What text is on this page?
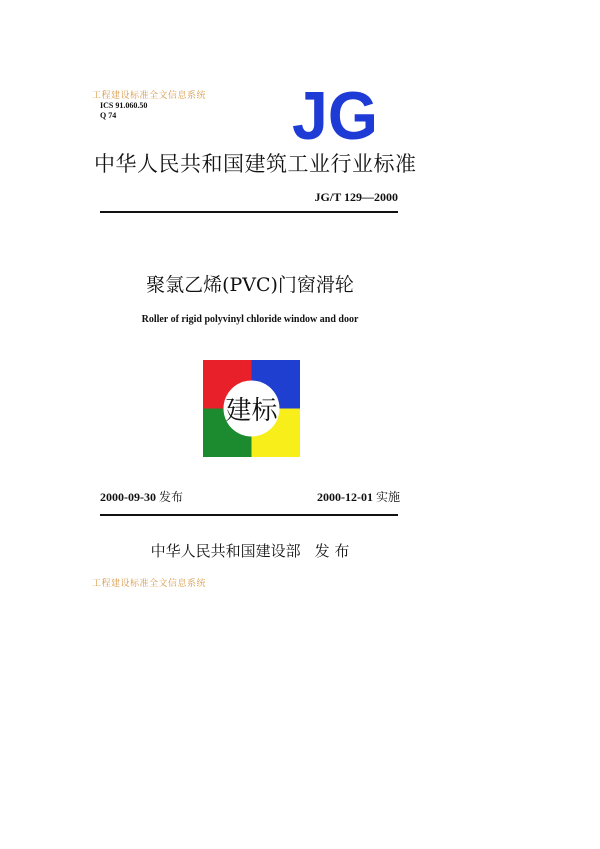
工程建设标准全文信息系统
ICS 91.060.50
Q 74	JG
中华人民共和国建筑工业行业标准
JG/T 129—2000
聚氯乙烯(PVC)门窗滑轮
Roller of rigid polyvinyl chloride window and door
建标
2000-09-30 发布	2000-12-01 实施
中华人民共和国建设部 发 布
工程建设标准全文信息系统
